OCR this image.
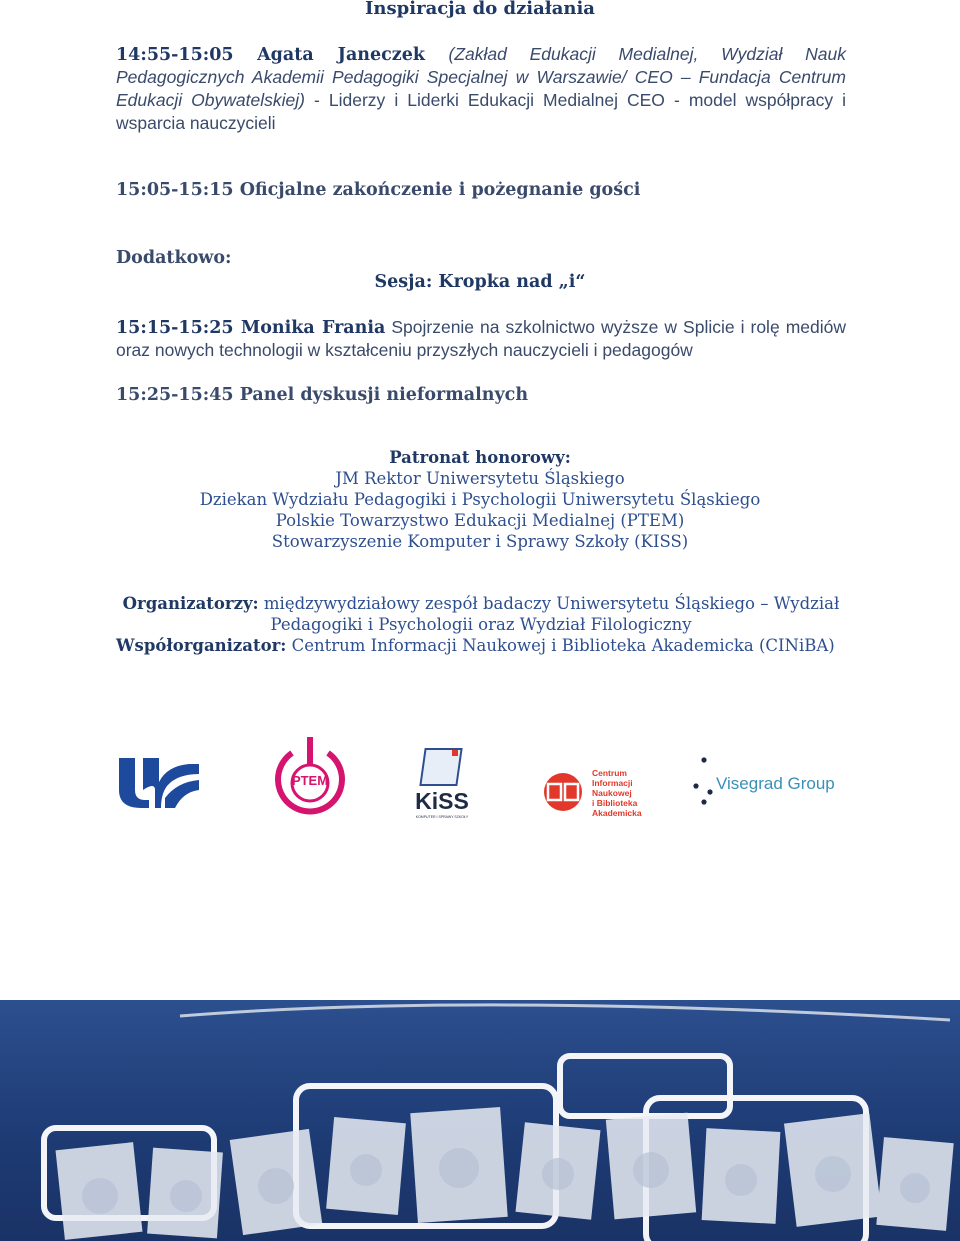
Inspiracja do działania
14:55-15:05 Agata Janeczek (Zakład Edukacji Medialnej, Wydział Nauk Pedagogicznych Akademii Pedagogiki Specjalnej w Warszawie/ CEO – Fundacja Centrum Edukacji Obywatelskiej) - Liderzy i Liderki Edukacji Medialnej CEO - model współpracy i wsparcia nauczycieli
15:05-15:15 Oficjalne zakończenie i pożegnanie gości
Dodatkowo:
Sesja: Kropka nad „i“
15:15-15:25 Monika Frania Spojrzenie na szkolnictwo wyższe w Splicie i rolę mediów oraz nowych technologii w kształceniu przyszłych nauczycieli i pedagogów
15:25-15:45 Panel dyskusji nieformalnych
Patronat honorowy:
JM Rektor Uniwersytetu Śląskiego
Dziekan Wydziału Pedagogiki i Psychologii Uniwersytetu Śląskiego
Polskie Towarzystwo Edukacji Medialnej (PTEM)
Stowarzyszenie Komputer i Sprawy Szkoły (KISS)
Organizatorzy: międzywydziałowy zespół badaczy Uniwersytetu Śląskiego – Wydział Pedagogiki i Psychologii oraz Wydział Filologiczny
Współorganizator: Centrum Informacji Naukowej i Biblioteka Akademicka (CINiBA)
PTEM
KiSS
KOMPUTER I SPRAWY SZKOŁY
Centrum
Informacji
Naukowej
i Biblioteka
Akademicka
Visegrad Group
